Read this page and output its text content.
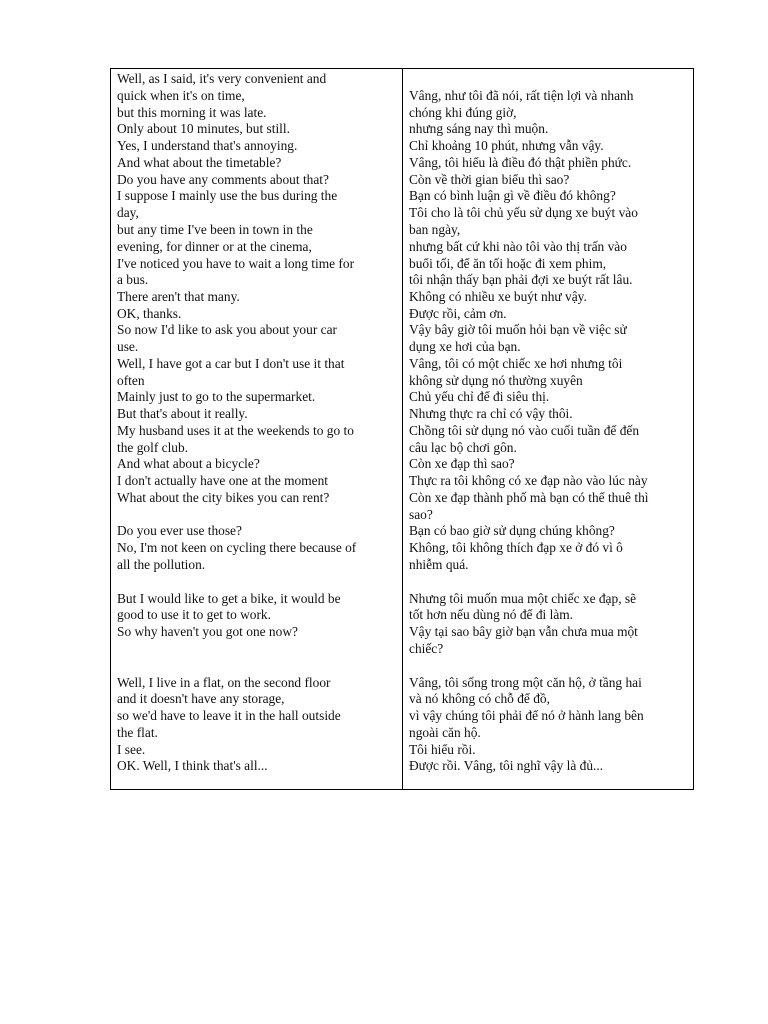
Well, as I said, it's very convenient and
quick when it's on time,
but this morning it was late.
Only about 10 minutes, but still.
Yes, I understand that's annoying.
And what about the timetable?
Do you have any comments about that?
I suppose I mainly use the bus during the
day,
but any time I've been in town in the
evening, for dinner or at the cinema,
I've noticed you have to wait a long time for
a bus.
There aren't that many.
OK, thanks.
So now I'd like to ask you about your car
use.
Well, I have got a car but I don't use it that
often
Mainly just to go to the supermarket.
But that's about it really.
My husband uses it at the weekends to go to
the golf club.
And what about a bicycle?
I don't actually have one at the moment
What about the city bikes you can rent?
Do you ever use those?
No, I'm not keen on cycling there because of
all the pollution.
But I would like to get a bike, it would be
good to use it to get to work.
So why haven't you got one now?
Well, I live in a flat, on the second floor
and it doesn't have any storage,
so we'd have to leave it in the hall outside
the flat.
I see.
OK. Well, I think that's all...
Vâng, như tôi đã nói, rất tiện lợi và nhanh
chóng khi đúng giờ,
nhưng sáng nay thì muộn.
Chỉ khoảng 10 phút, nhưng vẫn vậy.
Vâng, tôi hiểu là điều đó thật phiền phức.
Còn về thời gian biểu thì sao?
Bạn có bình luận gì về điều đó không?
Tôi cho là tôi chủ yếu sử dụng xe buýt vào
ban ngày,
nhưng bất cứ khi nào tôi vào thị trấn vào
buổi tối, để ăn tối hoặc đi xem phim,
tôi nhận thấy bạn phải đợi xe buýt rất lâu.
Không có nhiều xe buýt như vậy.
Được rồi, cảm ơn.
Vậy bây giờ tôi muốn hỏi bạn về việc sử
dụng xe hơi của bạn.
Vâng, tôi có một chiếc xe hơi nhưng tôi
không sử dụng nó thường xuyên
Chủ yếu chỉ để đi siêu thị.
Nhưng thực ra chỉ có vậy thôi.
Chồng tôi sử dụng nó vào cuối tuần để đến
câu lạc bộ chơi gôn.
Còn xe đạp thì sao?
Thực ra tôi không có xe đạp nào vào lúc này
Còn xe đạp thành phố mà bạn có thể thuê thì
sao?
Bạn có bao giờ sử dụng chúng không?
Không, tôi không thích đạp xe ở đó vì ô
nhiễm quá.
Nhưng tôi muốn mua một chiếc xe đạp, sẽ
tốt hơn nếu dùng nó để đi làm.
Vậy tại sao bây giờ bạn vẫn chưa mua một
chiếc?
Vâng, tôi sống trong một căn hộ, ở tầng hai
và nó không có chỗ để đồ,
vì vậy chúng tôi phải để nó ở hành lang bên
ngoài căn hộ.
Tôi hiểu rồi.
Được rồi. Vâng, tôi nghĩ vậy là đủ...
